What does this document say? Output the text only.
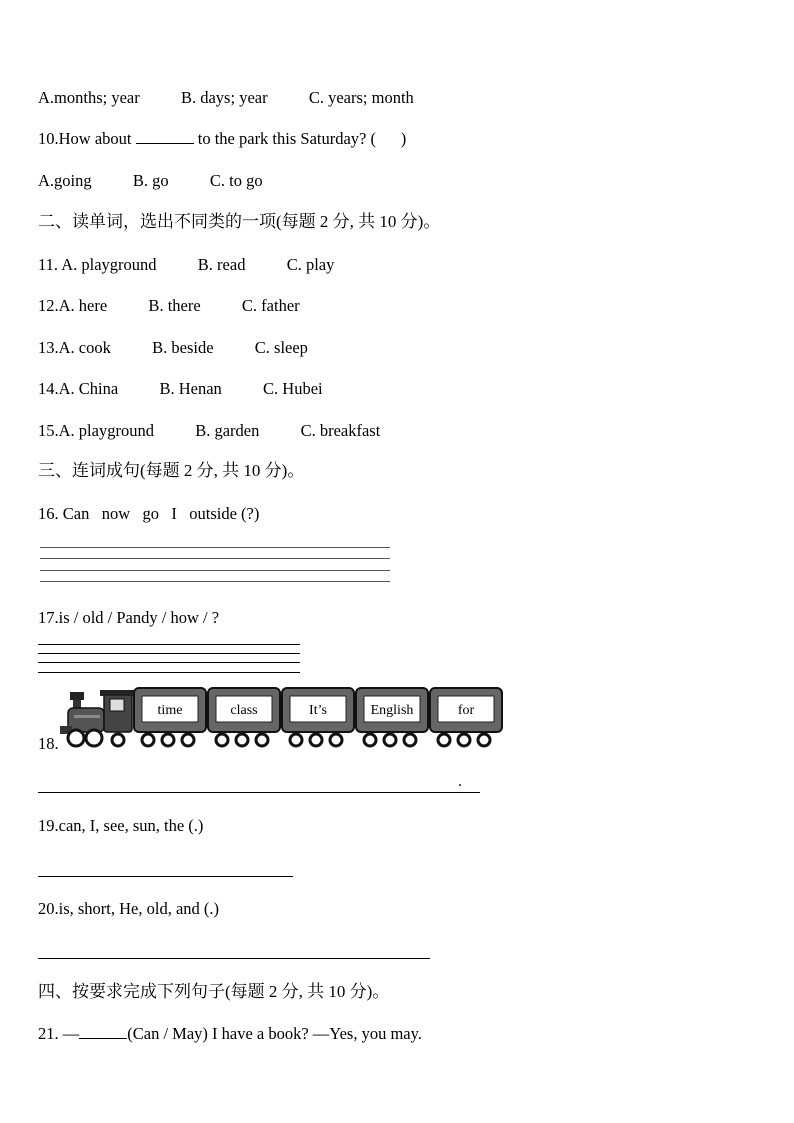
A.months; year          B. days; year          C. years; month
10.How about	to the park this Saturday? (      )
A.going          B. go          C. to go
二、读单词，选出不同类的一项(每题 2 分, 共 10 分)。
11. A. playground          B. read          C. play
12.A. here          B. there          C. father
13.A. cook          B. beside          C. sleep
14.A. China          B. Henan          C. Hubei
15.A. playground          B. garden          C. breakfast
三、连词成句(每题 2 分, 共 10 分)。
16. Can   now   go   I   outside (?)
17.is / old / Pandy / how / ?
18.
time	class	It’s	English	for
.
19.can, I, see, sun, the (.)
20.is, short, He, old, and (.)
四、按要求完成下列句子(每题 2 分, 共 10 分)。
21. —	(Can / May) I have a book? —Yes, you may.
